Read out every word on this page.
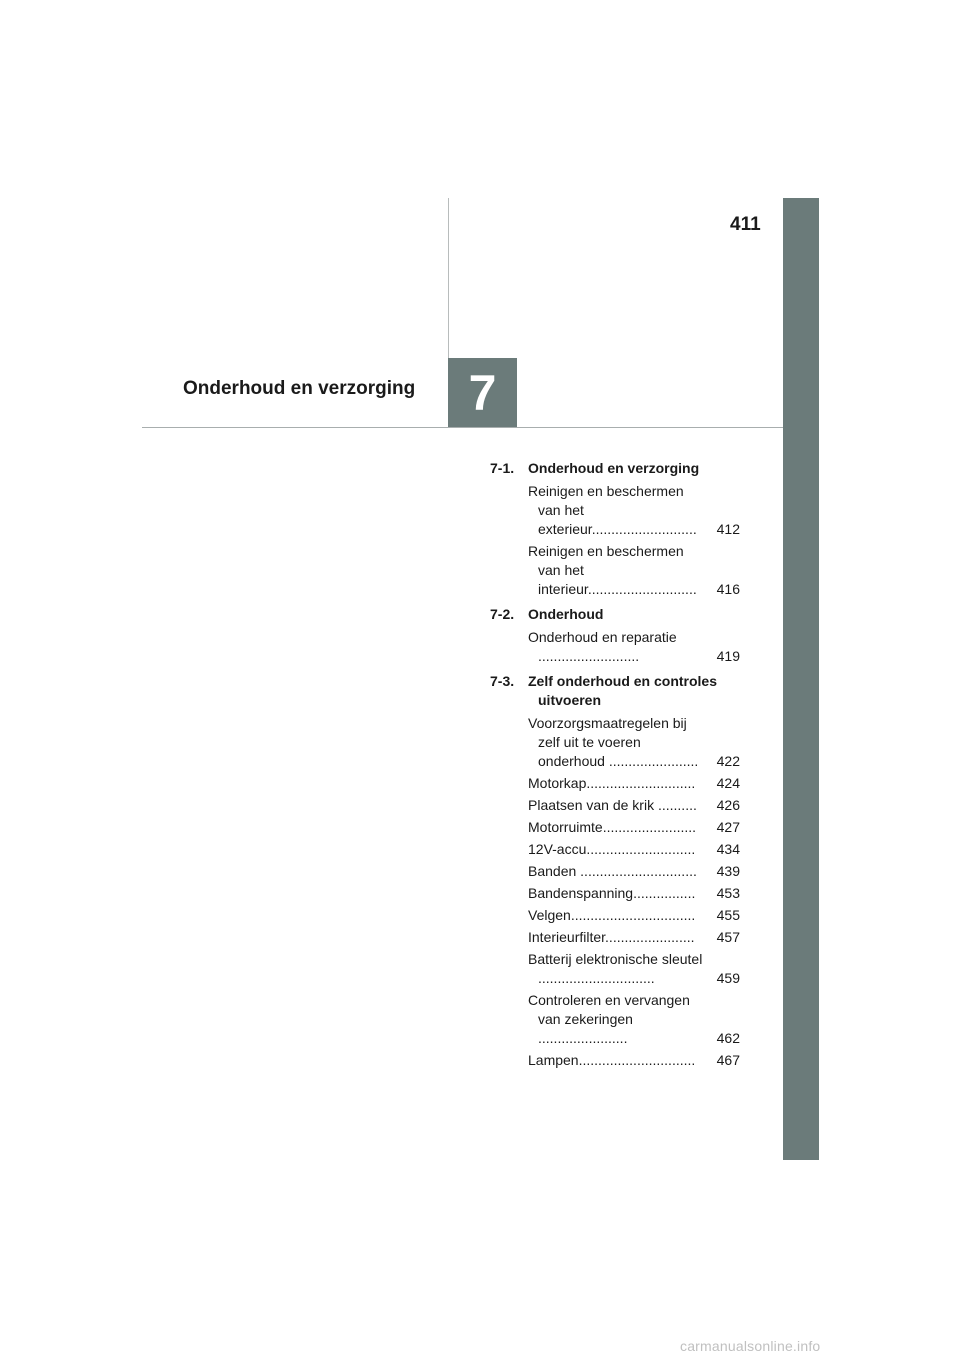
411
7
Onderhoud en verzorging
7-1. Onderhoud en verzorging
Reinigen en beschermen van het exterieur........................... 412
Reinigen en beschermen van het interieur............................ 416
7-2. Onderhoud
Onderhoud en reparatie ..........................	419
7-3. Zelf onderhoud en controles uitvoeren
Voorzorgsmaatregelen bij zelf uit te voeren onderhoud ....................... 422
Motorkap............................ 424
Plaatsen van de krik .......... 426
Motorruimte........................ 427
12V-accu............................ 434
Banden .............................. 439
Bandenspanning................ 453
Velgen................................ 455
Interieurfilter....................... 457
Batterij elektronische sleutel ..............................	459
Controleren en vervangen van zekeringen .......................	462
Lampen.............................. 467
carmanualsonline.info
